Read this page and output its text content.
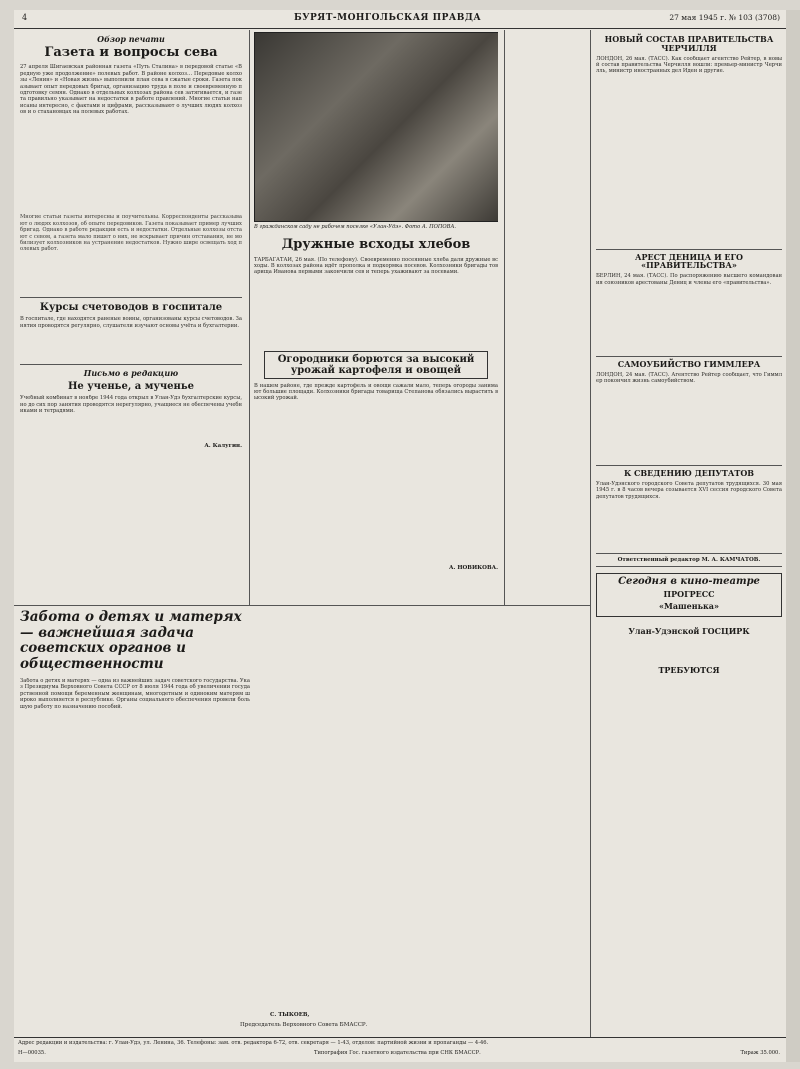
4	БУРЯТ-МОНГОЛЬСКАЯ ПРАВДА	27 мая 1945 г. № 103 (3708)
Обзор печати
Газета и вопросы сева
27 апреля Шигаевская районная газета «Путь Сталина» в передовой статье «Вредную уже продолжение» полевых работ. В районе колхоз… Передовые колхозы «Ленин» и «Новая жизнь» выполнили план сева в сжатые сроки. Газета показывает опыт передовых бригад, организацию труда в поле и своевременную подготовку семян. Однако в отдельных колхозах района сев затягивается, и газета правильно указывает на недостатки в работе правлений. Многие статьи написаны интересно, с фактами и цифрами, рассказывают о лучших людях колхозов и о стахановцах на полевых работах.
Многие статьи газеты интересны и поучительны. Корреспонденты рассказывают о людях колхозов, об опыте передовиков. Газета показывает пример лучших бригад. Однако в работе редакции есть и недостатки. Отдельные колхозы отстают с севом, а газета мало пишет о них, не вскрывает причин отставания, не мобилизует колхозников на устранение недостатков. Нужно шире освещать ход полевых работ.
Курсы счетоводов в госпитале
В госпитале, где находятся раненые воины, организованы курсы счетоводов. Занятия проводятся регулярно, слушатели изучают основы учёта и бухгалтерии.
Письмо в редакцию
Не ученье, а мученье
Учебный комбинат в ноябре 1944 года открыл в Улан-Удэ бухгалтерские курсы, но до сих пор занятия проводятся нерегулярно, учащиеся не обеспечены учебниками и тетрадями.
А. Калугин.
В гражданском саду не рабочем поселке «Улан-Удэ». Фото А. ПОПОВА.
Дружные всходы хлебов
ТАРБАГАТАЙ, 26 мая. (По телефону). Своевременно посеянные хлеба дали дружные всходы. В колхозах района идёт прополка и подкормка посевов. Колхозники бригады товарища Иванова первыми закончили сев и теперь ухаживают за посевами.
Огородники борются за высокий урожай картофеля и овощей
В нашем районе, где прежде картофель и овощи сажали мало, теперь огороды занимают большие площади. Колхозники бригады товарища Степанова обязались вырастить высокий урожай.
А. НОВИКОВА.
НОВЫЙ СОСТАВ ПРАВИТЕЛЬСТВА ЧЕРЧИЛЛЯ
ЛОНДОН, 26 мая. (ТАСС). Как сообщает агентство Рейтер, в новый состав правительства Черчилля вошли: премьер-министр Черчилль, министр иностранных дел Иден и другие.
АРЕСТ ДЕНИЦА И ЕГО «ПРАВИТЕЛЬСТВА»
БЕРЛИН, 24 мая. (ТАСС). По распоряжению высшего командования союзников арестованы Дениц и члены его «правительства».
САМОУБИЙСТВО ГИММЛЕРА
ЛОНДОН, 24 мая. (ТАСС). Агентство Рейтер сообщает, что Гиммлер покончил жизнь самоубийством.
К СВЕДЕНИЮ ДЕПУТАТОВ
Улан-Удэнского городского Совета депутатов трудящихся. 30 мая 1945 г. в 8 часов вечера созывается XVI сессия городского Совета депутатов трудящихся.
Ответственный редактор М. А. КАМЧАТОВ.
Сегодня в кино-театре
ПРОГРЕСС
«Машенька»
Улан-Удэнской ГОСЦИРК
ТРЕБУЮТСЯ
Забота о детях и матерях — важнейшая задача советских органов и общественности
Забота о детях и матерях — одна из важнейших задач советского государства. Указ Президиума Верховного Совета СССР от 8 июля 1944 года об увеличении государственной помощи беременным женщинам, многодетным и одиноким матерям широко выполняется в республике. Органы социального обеспечения провели большую работу по назначению пособий.
С. ТЫКОЕВ,
Председатель Верховного Совета БМАССР.
Адрес редакции и издательства: г. Улан-Удэ, ул. Ленина, 36. Телефоны: зам. отв. редактора 6-72, отв. секретаря — 1-43, отделов: партийной жизни и пропаганды — 4-46.
Н—00035.	Типография Гос. газетного издательства при СНК БМАССР.	Тираж 35.000.
